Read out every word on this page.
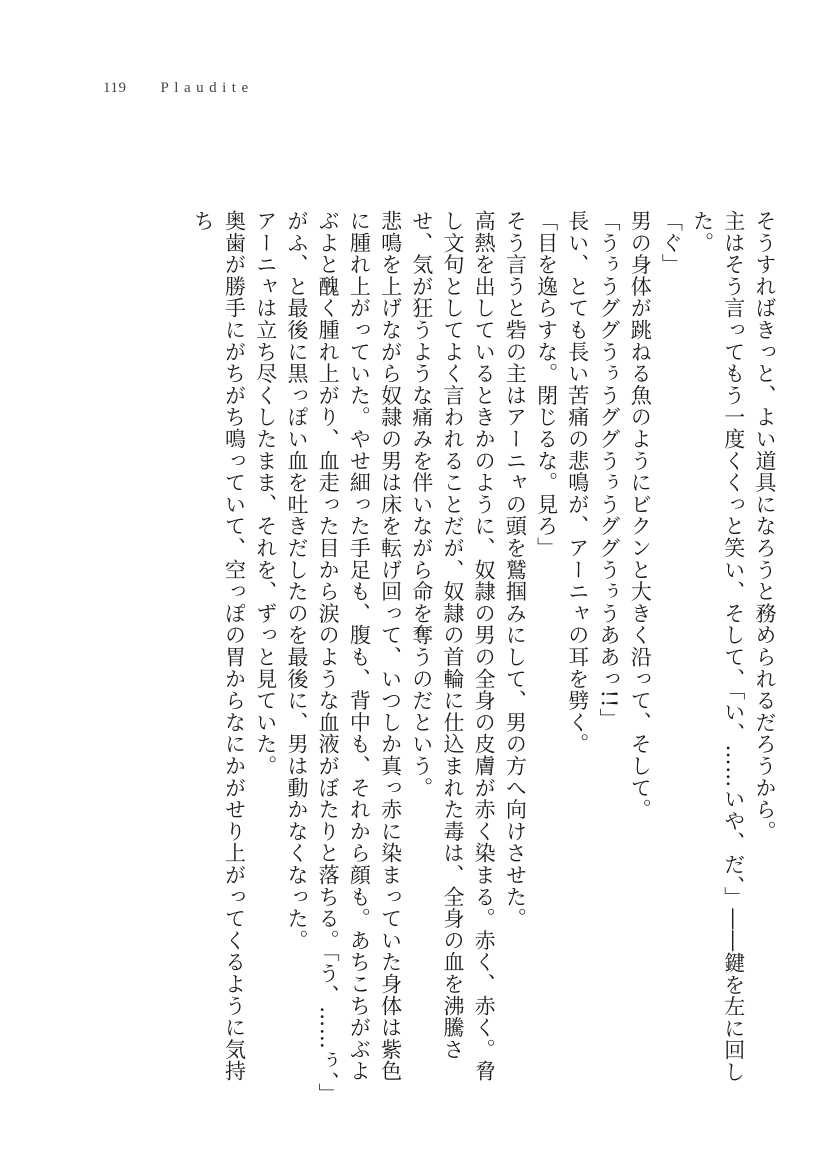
119 Plaudite

そうすればきっと、よい道具になろうと務められるだろうから。

主はそう言ってもう一度くくっと笑い、そして、「い、……いや、だ、」――鍵を左に回した。

「ぐ」

男の身体が跳ねる魚のようにビクンと大きく沿って、そして。

「うぅうググうぅうググうぅうググうぅうああっ!!」

長い、とても長い苦痛の悲鳴が、アーニャの耳を劈く。

「目を逸らすな。閉じるな。見ろ」

そう言うと砦の主はアーニャの頭を鷲掴みにして、男の方へ向けさせた。

高熱を出しているときかのように、奴隷の男の全身の皮膚が赤く染まる。赤く、赤く。脅し文句としてよく言われることだが、奴隷の首輪に仕込まれた毒は、全身の血を沸騰させ、気が狂うような痛みを伴いながら命を奪うのだという。

悲鳴を上げながら奴隷の男は床を転げ回って、いつしか真っ赤に染まっていた身体は紫色に腫れ上がっていた。やせ細った手足も、腹も、背中も、それから顔も。あちこちがぶよぶよと醜く腫れ上がり、血走った目から涙のような血液がぼたりと落ちる。「う、……ぅ、」がふ、と最後に黒っぽい血を吐きだしたのを最後に、男は動かなくなった。

アーニャは立ち尽くしたまま、それを、ずっと見ていた。

奥歯が勝手にがちがち鳴っていて、空っぽの胃からなにかがせり上がってくるように気持ち
